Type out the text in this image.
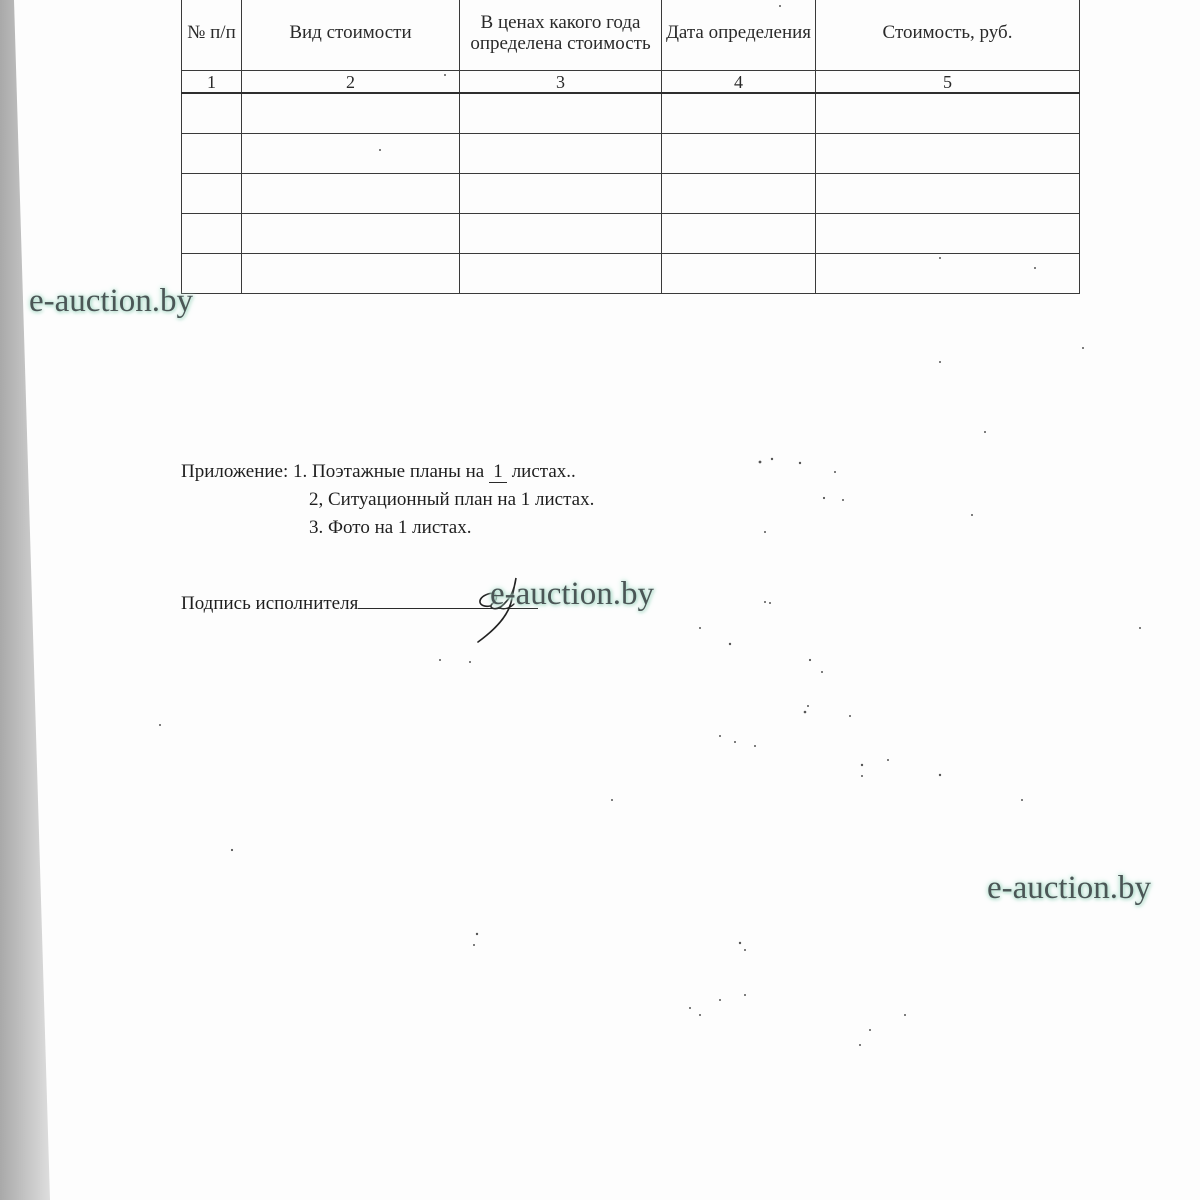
№ п/п	Вид стоимости	В ценах какого года определена стоимость	Дата определения	Стоимость, руб.
1	2	3	4	5

e-auction.by
Приложение: 1. Поэтажные планы на 1 листах..
2, Ситуационный план на 1 листах.
3. Фото на 1 листах.
Подпись исполнителя	e-auction.by
e-auction.by
